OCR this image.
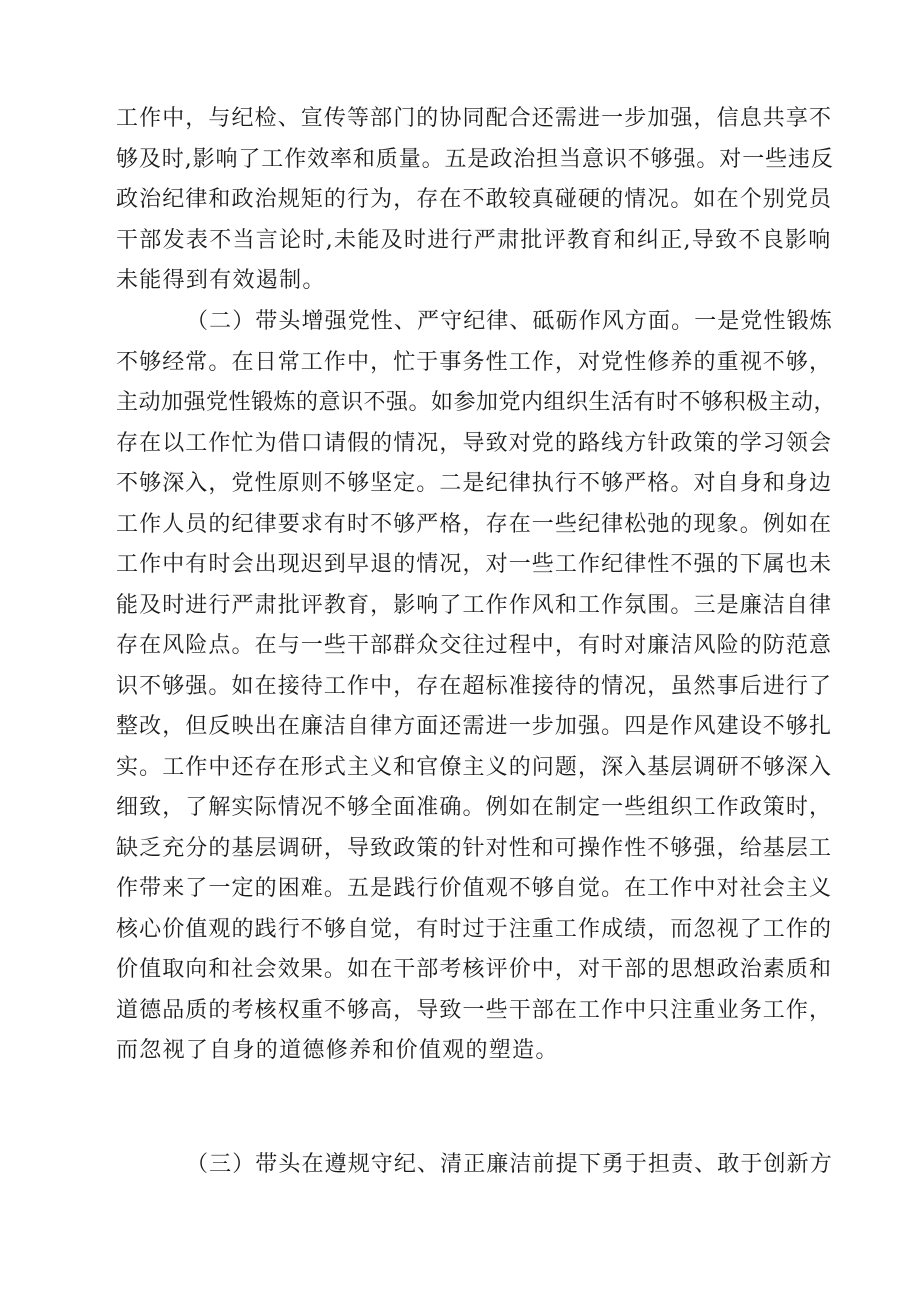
工作中，与纪检、宣传等部门的协同配合还需进一步加强，信息共享不
够及时,影响了工作效率和质量。五是政治担当意识不够强。对一些违反
政治纪律和政治规矩的行为，存在不敢较真碰硬的情况。如在个别党员
干部发表不当言论时,未能及时进行严肃批评教育和纠正,导致不良影响
未能得到有效遏制。
（二）带头增强党性、严守纪律、砥砺作风方面。一是党性锻炼
不够经常。在日常工作中，忙于事务性工作，对党性修养的重视不够，
主动加强党性锻炼的意识不强。如参加党内组织生活有时不够积极主动，
存在以工作忙为借口请假的情况，导致对党的路线方针政策的学习领会
不够深入，党性原则不够坚定。二是纪律执行不够严格。对自身和身边
工作人员的纪律要求有时不够严格，存在一些纪律松弛的现象。例如在
工作中有时会出现迟到早退的情况，对一些工作纪律性不强的下属也未
能及时进行严肃批评教育，影响了工作作风和工作氛围。三是廉洁自律
存在风险点。在与一些干部群众交往过程中，有时对廉洁风险的防范意
识不够强。如在接待工作中，存在超标准接待的情况，虽然事后进行了
整改，但反映出在廉洁自律方面还需进一步加强。四是作风建设不够扎
实。工作中还存在形式主义和官僚主义的问题，深入基层调研不够深入
细致，了解实际情况不够全面准确。例如在制定一些组织工作政策时，
缺乏充分的基层调研，导致政策的针对性和可操作性不够强，给基层工
作带来了一定的困难。五是践行价值观不够自觉。在工作中对社会主义
核心价值观的践行不够自觉，有时过于注重工作成绩，而忽视了工作的
价值取向和社会效果。如在干部考核评价中，对干部的思想政治素质和
道德品质的考核权重不够高，导致一些干部在工作中只注重业务工作，
而忽视了自身的道德修养和价值观的塑造。
（三）带头在遵规守纪、清正廉洁前提下勇于担责、敢于创新方
